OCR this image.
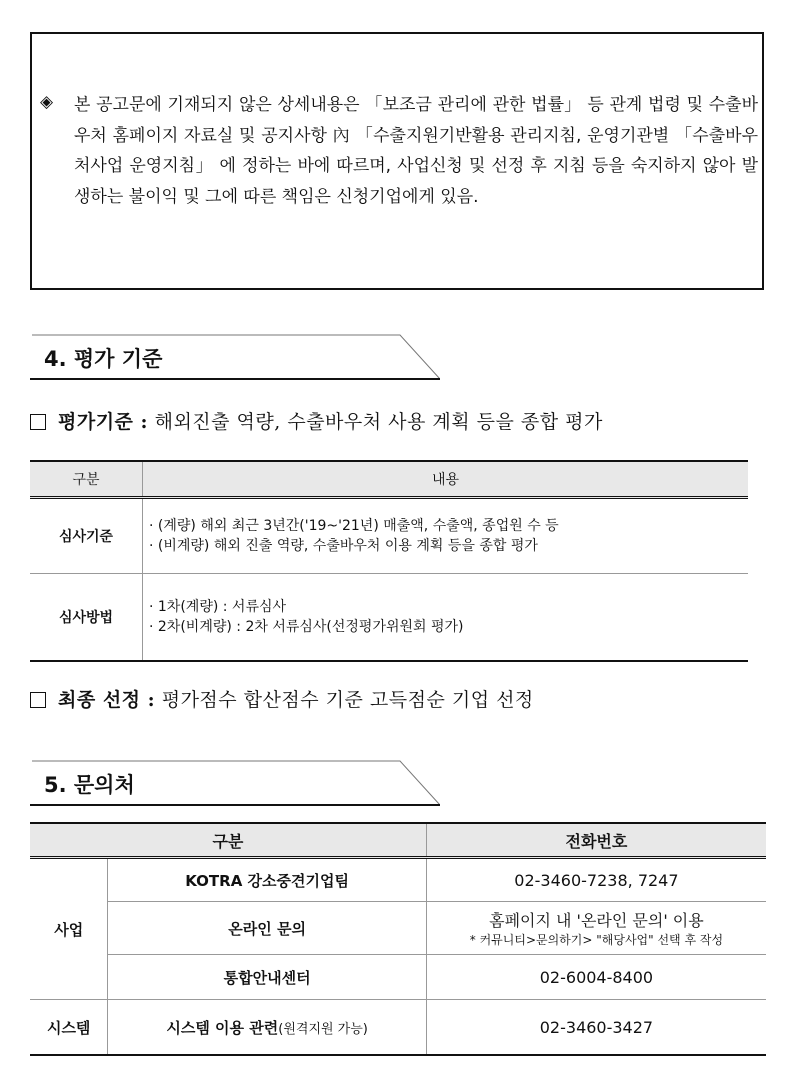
◈ 본 공고문에 기재되지 않은 상세내용은 「보조금 관리에 관한 법률」 등 관계 법령 및 수출바우처 홈페이지 자료실 및 공지사항 內 「수출지원기반활용 관리지침, 운영기관별 「수출바우처사업 운영지침」 에 정하는 바에 따르며, 사업신청 및 선정 후 지침 등을 숙지하지 않아 발생하는 불이익 및 그에 따른 책임은 신청기업에게 있음.
4. 평가 기준
평가기준 : 해외진출 역량, 수출바우처 사용 계획 등을 종합 평가
구분	내용
심사기준	· (계량) 해외 최근 3년간('19~'21년) 매출액, 수출액, 종업원 수 등
· (비계량) 해외 진출 역량, 수출바우처 이용 계획 등을 종합 평가

심사방법	· 1차(계량) : 서류심사
· 2차(비계량) : 2차 서류심사(선정평가위원회 평가)
최종 선정 : 평가점수 합산점수 기준 고득점순 기업 선정
5. 문의처
구분		전화번호
사업	KOTRA 강소중견기업팀	02-3460-7238, 7247
	온라인 문의	홈페이지 내 '온라인 문의' 이용
* 커뮤니티>문의하기> "해당사업" 선택 후 작성

	통합안내센터	02-6004-8400
시스템	시스템 이용 관련(원격지원 가능)	02-3460-3427
